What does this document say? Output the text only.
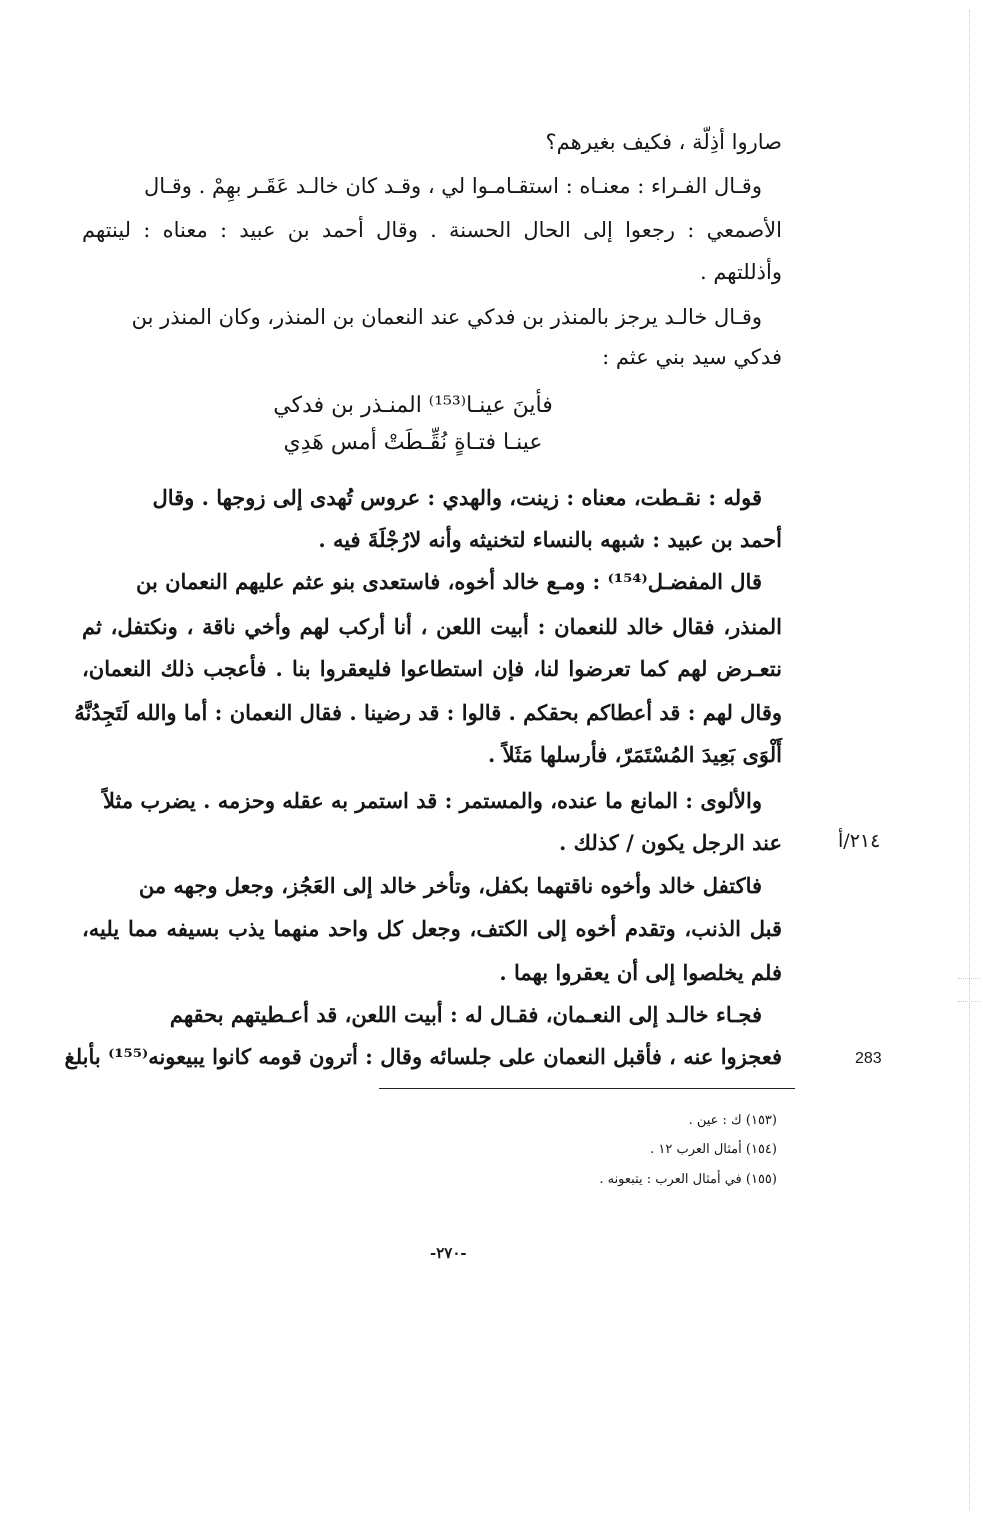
صاروا أذِلّة ، فكيف بغيرهم؟
وقـال الفـراء : معنـاه : استقـامـوا لي ، وقـد كان خالـد عَقَـر بهِمْ . وقـال
الأصمعي : رجعوا إلى الحال الحسنة . وقال أحمد بن عبيد : معناه : لينتهم
وأذللتهم .
وقـال خالـد يرجز بالمنذر بن فدكي عند النعمان بن المنذر، وكان المنذر بن
فدكي سيد بني عثم :
فأينَ عينـا⁽¹⁵³⁾ المنـذر بن فدكي
عينـا فتـاةٍ نُقِّـطَتْ أمس هَدِي
قوله : نقـطت، معناه : زينت، والهدي : عروس تُهدى إلى زوجها . وقال
أحمد بن عبيد : شبهه بالنساء لتخنيثه وأنه لارُجْلَةَ فيه .
قال المفضـل⁽¹⁵⁴⁾ : ومـع خالد أخوه، فاستعدى بنو عثم عليهم النعمان بن
المنذر، فقال خالد للنعمان : أبيت اللعن ، أنا أركب لهم وأخي ناقة ، ونكتفل، ثم
نتعـرض لهم كما تعرضوا لنا، فإن استطاعوا فليعقروا بنا . فأعجب ذلك النعمان،
وقال لهم : قد أعطاكم بحقكم . قالوا : قد رضينا . فقال النعمان : أما والله لَتَجِدُنَّهُ
أَلْوَى بَعِيدَ المُسْتَمَرّ، فأرسلها مَثَلاً .
والألوى : المانع ما عنده، والمستمر : قد استمر به عقله وحزمه . يضرب مثلاً
عند الرجل يكون / كذلك .
فاكتفل خالد وأخوه ناقتهما بكفل، وتأخر خالد إلى العَجُز، وجعل وجهه من
قبل الذنب، وتقدم أخوه إلى الكتف، وجعل كل واحد منهما يذب بسيفه مما يليه،
فلم يخلصوا إلى أن يعقروا بهما .
فجـاء خالـد إلى النعـمان، فقـال له : أبيت اللعن، قد أعـطيتهم بحقهم
فعجزوا عنه ، فأقبل النعمان على جلسائه وقال : أترون قومه كانوا يبيعونه⁽¹⁵⁵⁾ بأبلغ
٢١٤/أ
283
(١٥٣) ك : عين .
(١٥٤) أمثال العرب ١٢ .
(١٥٥) في أمثال العرب : يتبعونه .
-٢٧٠-
